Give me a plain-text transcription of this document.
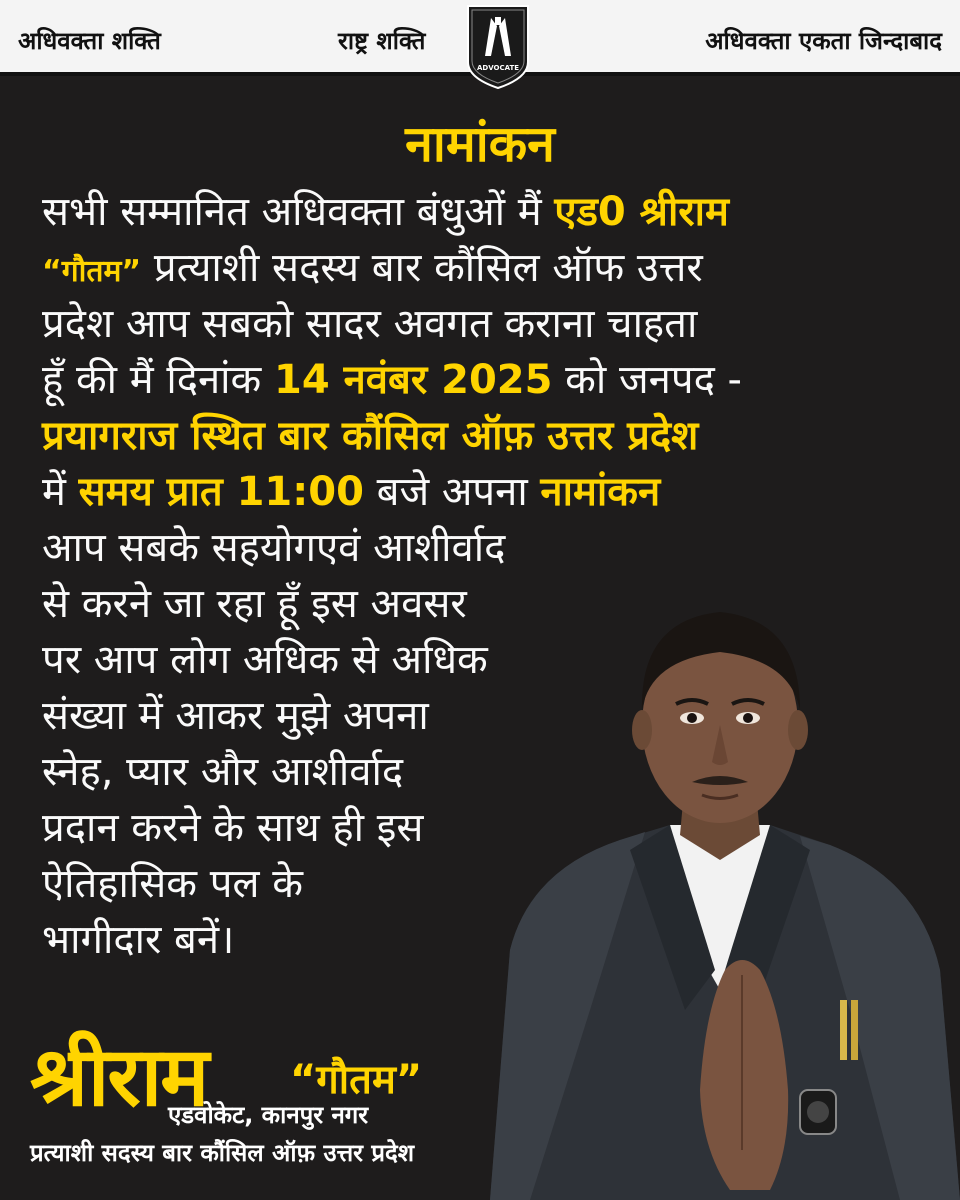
अधिवक्ता शक्ति	राष्ट्र शक्ति	अधिवक्ता एकता जिन्दाबाद
ADVOCATE
नामांकन
सभी सम्मानित अधिवक्ता बंधुओं मैं एड0 श्रीराम
“गौतम” प्रत्याशी सदस्य बार कौंसिल ऑफ उत्तर
प्रदेश आप सबको सादर अवगत कराना चाहता
हूँ की मैं दिनांक 14 नवंबर 2025 को जनपद -
प्रयागराज स्थित बार कौंसिल ऑफ़ उत्तर प्रदेश
में समय प्रात 11:00 बजे अपना नामांकन
आप सबके सहयोगएवं आशीर्वाद
से करने जा रहा हूँ इस अवसर
पर आप लोग अधिक से अधिक
संख्या में आकर मुझे अपना
स्नेह, प्यार और आशीर्वाद
प्रदान करने के साथ ही इस
ऐतिहासिक पल के
भागीदार बनें।
श्रीराम “गौतम”
एडवोकेट, कानपुर नगर
प्रत्याशी सदस्य बार कौंसिल ऑफ़ उत्तर प्रदेश
